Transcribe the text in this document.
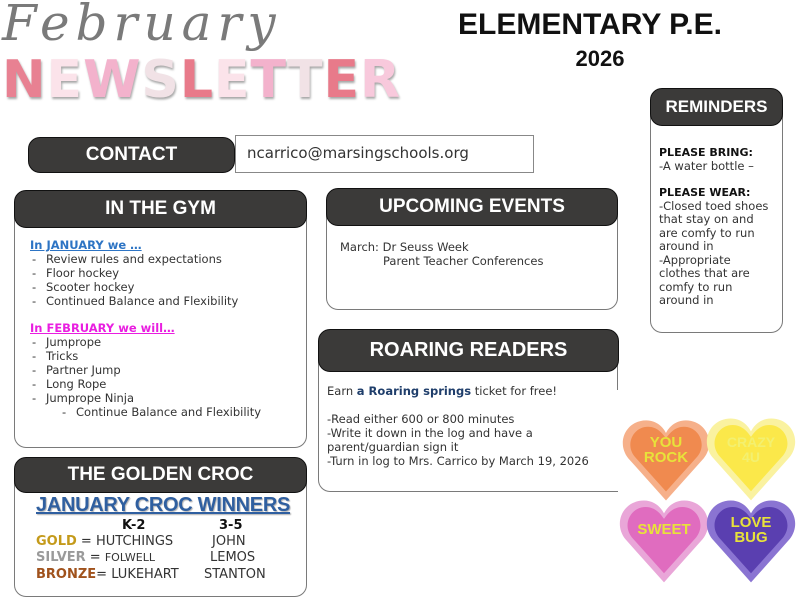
February
NEWSLETTER
ELEMENTARY P.E.
2026
CONTACT	ncarrico@marsingschools.org
IN THE GYM
In JANUARY we …
- Review rules and expectations
- Floor hockey
- Scooter hockey
- Continued Balance and Flexibility
In FEBRUARY we will…
- Jumprope
- Tricks
- Partner Jump
- Long Rope
- Jumprope Ninja
- Continue Balance and Flexibility
UPCOMING EVENTS
March: Dr Seuss Week
Parent Teacher Conferences
ROARING READERS
Earn a Roaring springs ticket for free!
-Read either 600 or 800 minutes
-Write it down in the log and have a
parent/guardian sign it
-Turn in log to Mrs. Carrico by March 19, 2026
REMINDERS
PLEASE BRING:
-A water bottle –
PLEASE WEAR:
-Closed toed shoes
that stay on and
are comfy to run
around in
-Appropriate
clothes that are
comfy to run
around in
THE GOLDEN CROC
JANUARY CROC WINNERS
K-2	3-5
GOLD = HUTCHINGS	JOHN
SILVER = FOLWELL	LEMOS
BRONZE= LUKEHART STANTON
YOU
ROCK
CRAZY
4U
SWEET	LOVE
BUG
